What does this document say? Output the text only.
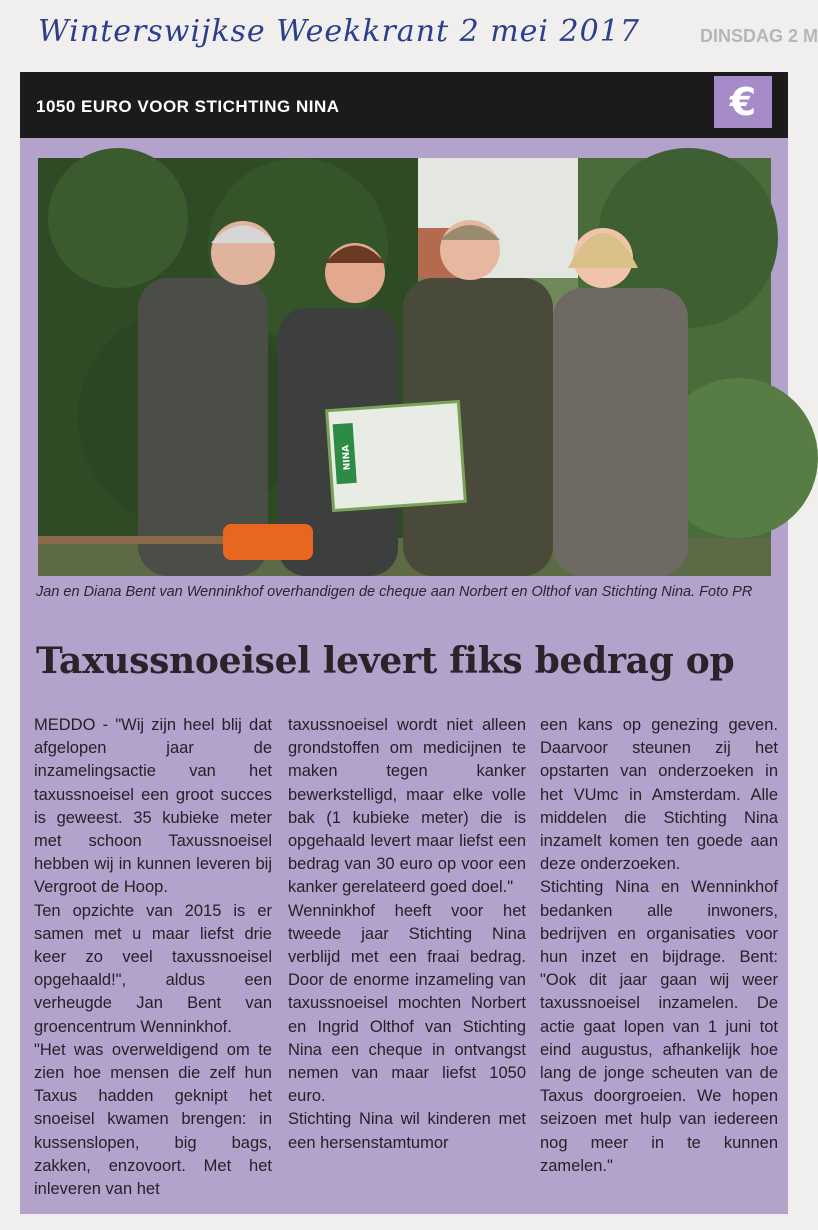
Winterswijkse Weekkrant 2 mei 2017	DINSDAG 2 M
1050 EURO VOOR STICHTING NINA	€
NINA
Jan en Diana Bent van Wenninkhof overhandigen de cheque aan Norbert en Olthof van Stichting Nina. Foto PR
Taxussnoeisel levert fiks bedrag op

MEDDO - "Wij zijn heel blij dat afgelopen jaar de inzamelingsactie van het taxussnoeisel een groot succes is geweest. 35 kubieke meter met schoon Taxussnoeisel hebben wij in kunnen leveren bij Vergroot de Hoop.

Ten opzichte van 2015 is er samen met u maar liefst drie keer zo veel taxussnoeisel opgehaald!", aldus een verheugde Jan Bent van groencentrum Wenninkhof.

"Het was overweldigend om te zien hoe mensen die zelf hun Taxus hadden geknipt het snoeisel kwamen brengen: in kussenslopen, big bags, zakken, enzovoort. Met het inleveren van het

taxussnoeisel wordt niet alleen grondstoffen om medicijnen te maken tegen kanker bewerkstelligd, maar elke volle bak (1 kubieke meter) die is opgehaald levert maar liefst een bedrag van 30 euro op voor een kanker gerelateerd goed doel."

Wenninkhof heeft voor het tweede jaar Stichting Nina verblijd met een fraai bedrag. Door de enorme inzameling van taxussnoeisel mochten Norbert en Ingrid Olthof van Stichting Nina een cheque in ontvangst nemen van maar liefst 1050 euro.

Stichting Nina wil kinderen met een hersenstamtumor

een kans op genezing geven. Daarvoor steunen zij het opstarten van onderzoeken in het VUmc in Amsterdam. Alle middelen die Stichting Nina inzamelt komen ten goede aan deze onderzoeken.

Stichting Nina en Wenninkhof bedanken alle inwoners, bedrijven en organisaties voor hun inzet en bijdrage. Bent: "Ook dit jaar gaan wij weer taxussnoeisel inzamelen. De actie gaat lopen van 1 juni tot eind augustus, afhankelijk hoe lang de jonge scheuten van de Taxus doorgroeien. We hopen seizoen met hulp van iedereen nog meer in te kunnen zamelen."
